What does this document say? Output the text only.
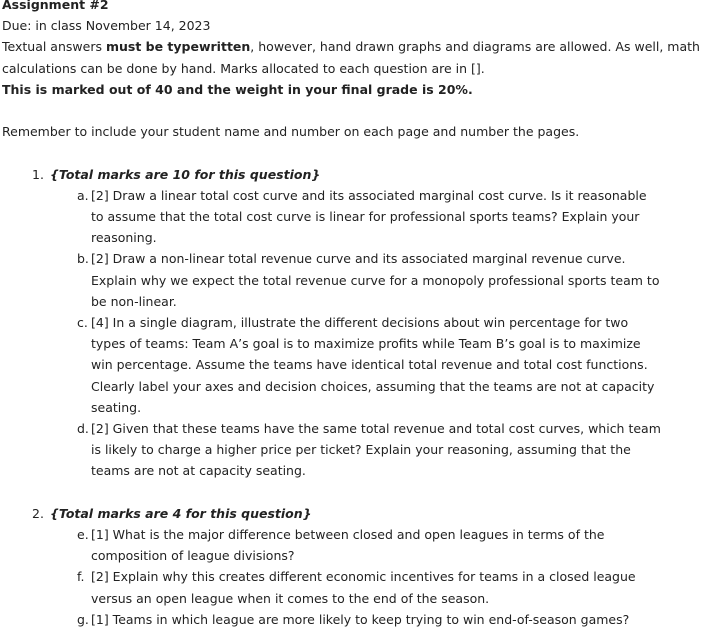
Assignment #2
Due: in class November 14, 2023
Textual answers must be typewritten, however, hand drawn graphs and diagrams are allowed. As well, math
calculations can be done by hand. Marks allocated to each question are in [].
This is marked out of 40 and the weight in your final grade is 20%.
Remember to include your student name and number on each page and number the pages.
1. {Total marks are 10 for this question}
a. [2] Draw a linear total cost curve and its associated marginal cost curve. Is it reasonable to assume that the total cost curve is linear for professional sports teams? Explain your reasoning.
b. [2] Draw a non-linear total revenue curve and its associated marginal revenue curve. Explain why we expect the total revenue curve for a monopoly professional sports team to be non-linear.
c. [4] In a single diagram, illustrate the different decisions about win percentage for two types of teams: Team A’s goal is to maximize profits while Team B’s goal is to maximize win percentage. Assume the teams have identical total revenue and total cost functions. Clearly label your axes and decision choices, assuming that the teams are not at capacity seating.
d. [2] Given that these teams have the same total revenue and total cost curves, which team is likely to charge a higher price per ticket? Explain your reasoning, assuming that the teams are not at capacity seating.
2. {Total marks are 4 for this question}
e. [1] What is the major difference between closed and open leagues in terms of the composition of league divisions?
f. [2] Explain why this creates different economic incentives for teams in a closed league versus an open league when it comes to the end of the season.
g. [1] Teams in which league are more likely to keep trying to win end-of-season games?
